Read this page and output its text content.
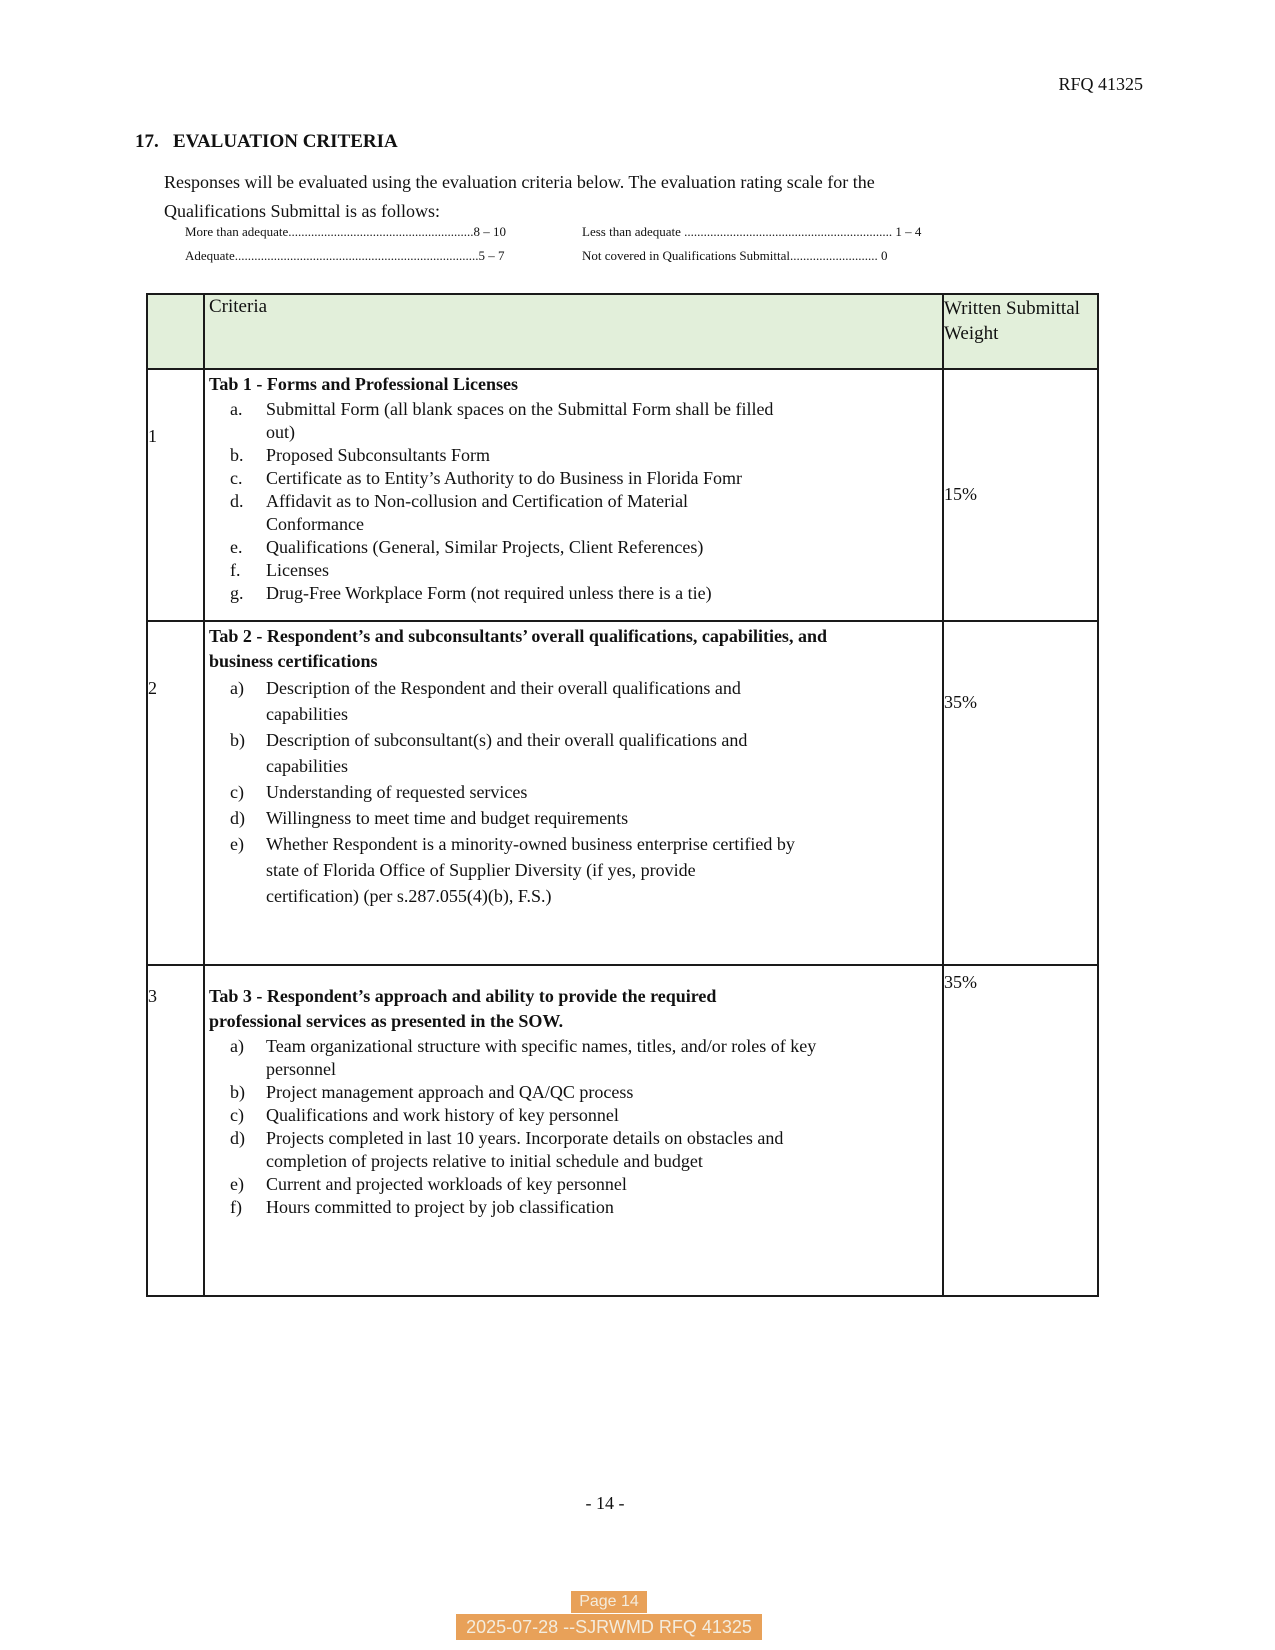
RFQ 41325
17. EVALUATION CRITERIA
Responses will be evaluated using the evaluation criteria below. The evaluation rating scale for the
Qualifications Submittal is as follows:
More than adequate.........................................................8 – 10
Adequate...........................................................................5 – 7
Less than adequate ................................................................ 1 – 4
Not covered in Qualifications Submittal........................... 0
	Criteria	Written Submittal Weight
1	
Tab 1 - Forms and Professional Licenses
a.	Submittal Form (all blank spaces on the Submittal Form shall be filled
out)
b.	Proposed Subconsultants Form
c.	Certificate as to Entity’s Authority to do Business in Florida Fomr
d.	Affidavit as to Non-collusion and Certification of Material
Conformance
e.	Qualifications (General, Similar Projects, Client References)
f.	Licenses
g.	Drug-Free Workplace Form (not required unless there is a tie)
	15%
2	
Tab 2 - Respondent’s and subconsultants’ overall qualifications, capabilities, and
business certifications
a)	Description of the Respondent and their overall qualifications and
capabilities
b)	Description of subconsultant(s) and their overall qualifications and
capabilities
c)	Understanding of requested services
d)	Willingness to meet time and budget requirements
e)	Whether Respondent is a minority-owned business enterprise certified by
state of Florida Office of Supplier Diversity (if yes, provide
certification) (per s.287.055(4)(b), F.S.)
	35%
3	Tab 3 - Respondent’s approach and ability to provide the required
professional services as presented in the SOW.
a)	Team organizational structure with specific names, titles, and/or roles of key
personnel
b)	Project management approach and QA/QC process
c)	Qualifications and work history of key personnel
d)	Projects completed in last 10 years. Incorporate details on obstacles and
completion of projects relative to initial schedule and budget
e)	Current and projected workloads of key personnel
f)	Hours committed to project by job classification
	35%
- 14 -
Page 14
2025-07-28 --SJRWMD RFQ 41325
